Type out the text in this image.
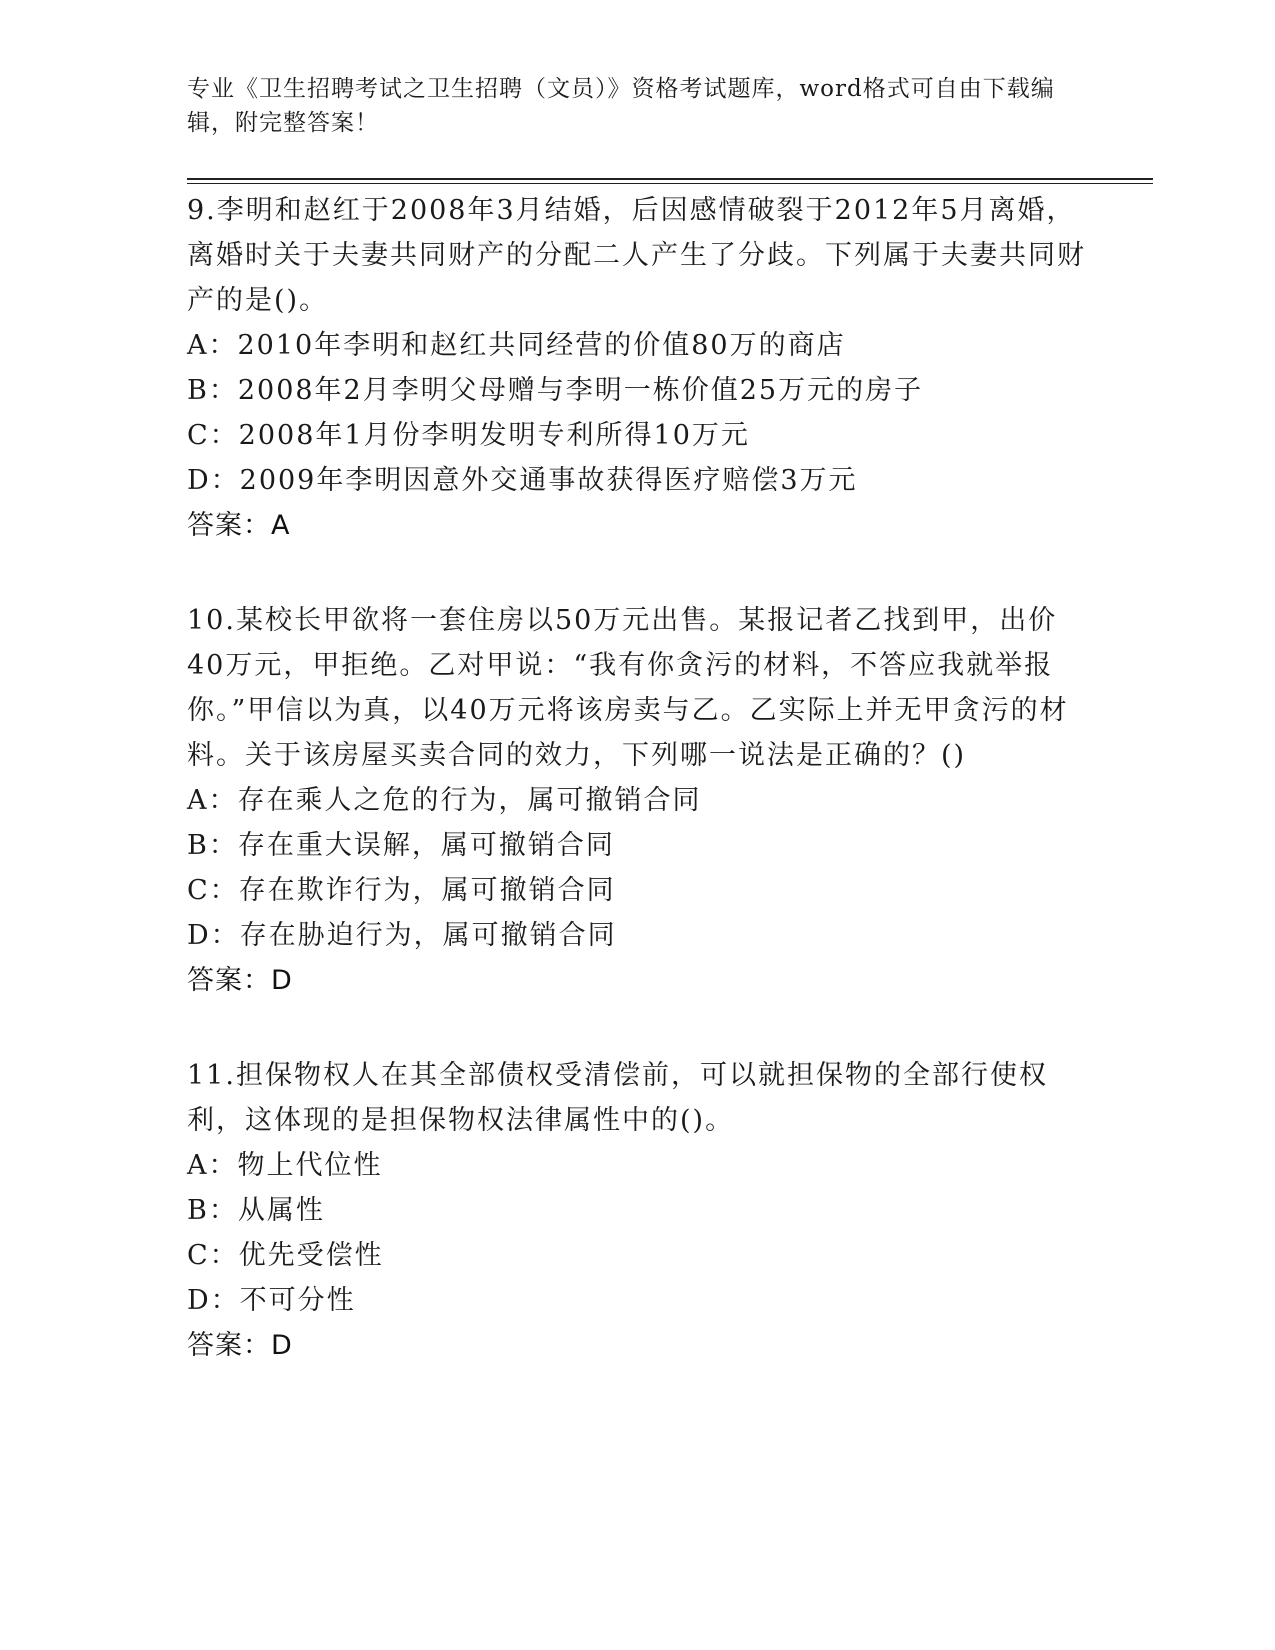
专业《卫生招聘考试之卫生招聘（文员）》资格考试题库，word格式可自由下载编辑，附完整答案！

9.李明和赵红于2008年3月结婚，后因感情破裂于2012年5月离婚，离婚时关于夫妻共同财产的分配二人产生了分歧。下列属于夫妻共同财产的是()。

A：2010年李明和赵红共同经营的价值80万的商店
B：2008年2月李明父母赠与李明一栋价值25万元的房子
C：2008年1月份李明发明专利所得10万元
D：2009年李明因意外交通事故获得医疗赔偿3万元

答案：A

10.某校长甲欲将一套住房以50万元出售。某报记者乙找到甲，出价40万元，甲拒绝。乙对甲说：“我有你贪污的材料，不答应我就举报你。”甲信以为真，以40万元将该房卖与乙。乙实际上并无甲贪污的材料。关于该房屋买卖合同的效力，下列哪一说法是正确的？()

A：存在乘人之危的行为，属可撤销合同
B：存在重大误解，属可撤销合同
C：存在欺诈行为，属可撤销合同
D：存在胁迫行为，属可撤销合同

答案：D

11.担保物权人在其全部债权受清偿前，可以就担保物的全部行使权利，这体现的是担保物权法律属性中的()。

A：物上代位性
B：从属性
C：优先受偿性
D：不可分性

答案：D
